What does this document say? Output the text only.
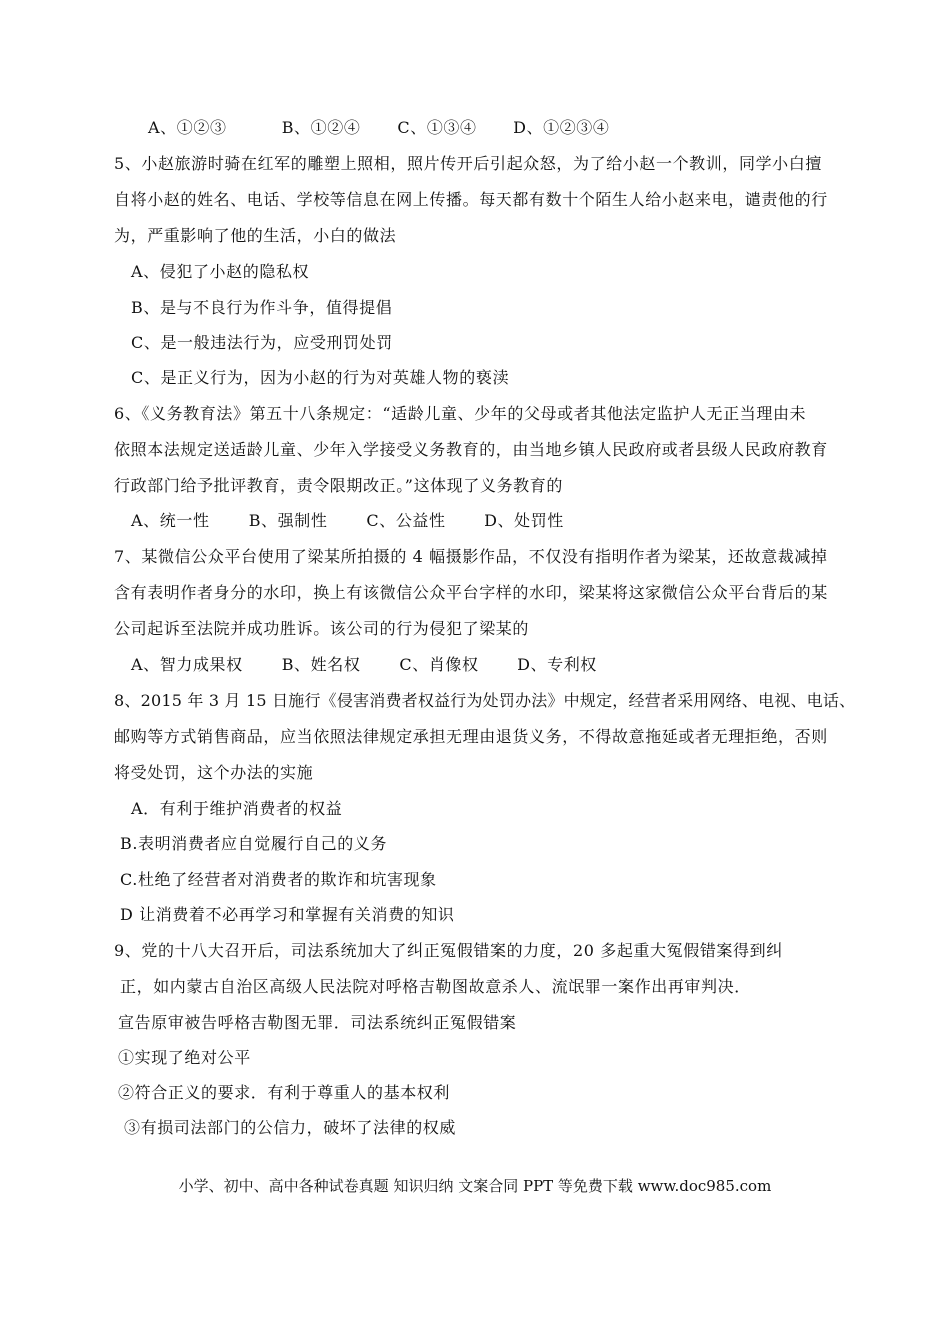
A、①②③	B、①②④ C、①③④ D、①②③④
5、小赵旅游时骑在红军的雕塑上照相，照片传开后引起众怒，为了给小赵一个教训，同学小白擅
自将小赵的姓名、电话、学校等信息在网上传播。每天都有数十个陌生人给小赵来电，谴责他的行
为，严重影响了他的生活，小白的做法
A、侵犯了小赵的隐私权
B、是与不良行为作斗争，值得提倡
C、是一般违法行为，应受刑罚处罚
C、是正义行为，因为小赵的行为对英雄人物的亵渎
6、《义务教育法》第五十八条规定：“适龄儿童、少年的父母或者其他法定监护人无正当理由未
依照本法规定送适龄儿童、少年入学接受义务教育的，由当地乡镇人民政府或者县级人民政府教育
行政部门给予批评教育，责令限期改正。”这体现了义务教育的
A、统一性 B、强制性 C、公益性 D、处罚性
7、某微信公众平台使用了梁某所拍摄的 4 幅摄影作品，不仅没有指明作者为梁某，还故意裁减掉
含有表明作者身分的水印，换上有该微信公众平台字样的水印，梁某将这家微信公众平台背后的某
公司起诉至法院并成功胜诉。该公司的行为侵犯了梁某的
A、智力成果权 B、姓名权 C、肖像权 D、专利权
8、2015 年 3 月 15 日施行《侵害消费者权益行为处罚办法》中规定，经营者采用网络、电视、电话、
邮购等方式销售商品，应当依照法律规定承担无理由退货义务，不得故意拖延或者无理拒绝，否则
将受处罚，这个办法的实施
A．有利于维护消费者的权益
B.表明消费者应自觉履行自己的义务
C.杜绝了经营者对消费者的欺诈和坑害现象
D 让消费着不必再学习和掌握有关消费的知识
9、党的十八大召开后，司法系统加大了纠正冤假错案的力度，20 多起重大冤假错案得到纠
正，如内蒙古自治区高级人民法院对呼格吉勒图故意杀人、流氓罪一案作出再审判决．
宣告原审被告呼格吉勒图无罪．司法系统纠正冤假错案
①实现了绝对公平
②符合正义的要求．有利于尊重人的基本权利
③有损司法部门的公信力，破坏了法律的权威
小学、初中、高中各种试卷真题 知识归纳 文案合同 PPT 等免费下载 www.doc985.com
